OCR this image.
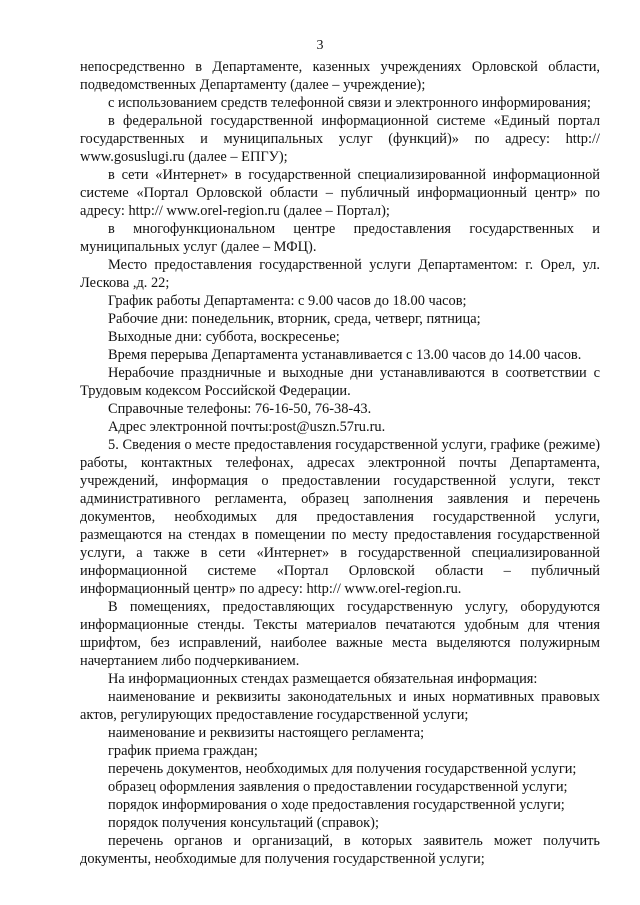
3

непосредственно в Департаменте, казенных учреждениях Орловской области, подведомственных Департаменту (далее – учреждение);

с использованием средств телефонной связи и электронного информирования;

в федеральной государственной информационной системе «Единый портал государственных и муниципальных услуг (функций)» по адресу: http:// www.gosuslugi.ru (далее – ЕПГУ);

в сети «Интернет» в государственной специализированной информационной системе «Портал Орловской области – публичный информационный центр» по адресу: http:// www.orel-region.ru (далее – Портал);

в многофункциональном центре предоставления государственных и муниципальных услуг (далее – МФЦ).

Место предоставления государственной услуги Департаментом: г. Орел, ул. Лескова ,д. 22;

График работы Департамента: с 9.00 часов до 18.00 часов;

Рабочие дни: понедельник, вторник, среда, четверг, пятница;

Выходные дни: суббота, воскресенье;

Время перерыва Департамента устанавливается с 13.00 часов до 14.00 часов.

Нерабочие праздничные и выходные дни устанавливаются в соответствии с Трудовым кодексом Российской Федерации.

Справочные телефоны: 76-16-50, 76-38-43.

Адрес электронной почты:post@uszn.57ru.ru.

5. Сведения о месте предоставления государственной услуги, графике (режиме) работы, контактных телефонах, адресах электронной почты Департамента, учреждений, информация о предоставлении государственной услуги, текст административного регламента, образец заполнения заявления и перечень документов, необходимых для предоставления государственной услуги, размещаются на стендах в помещении по месту предоставления государственной услуги, а также в сети «Интернет» в государственной специализированной информационной системе «Портал Орловской области – публичный информационный центр» по адресу: http:// www.orel-region.ru.

В помещениях, предоставляющих государственную услугу, оборудуются информационные стенды. Тексты материалов печатаются удобным для чтения шрифтом, без исправлений, наиболее важные места выделяются полужирным начертанием либо подчеркиванием.

На информационных стендах размещается обязательная информация:

наименование и реквизиты законодательных и иных нормативных правовых актов, регулирующих предоставление государственной услуги;

наименование и реквизиты настоящего регламента;

график приема граждан;

перечень документов, необходимых для получения государственной услуги;

образец оформления заявления о предоставлении государственной услуги;

порядок информирования о ходе предоставления государственной услуги;

порядок получения консультаций (справок);

перечень органов и организаций, в которых заявитель может получить документы, необходимые для получения государственной услуги;
